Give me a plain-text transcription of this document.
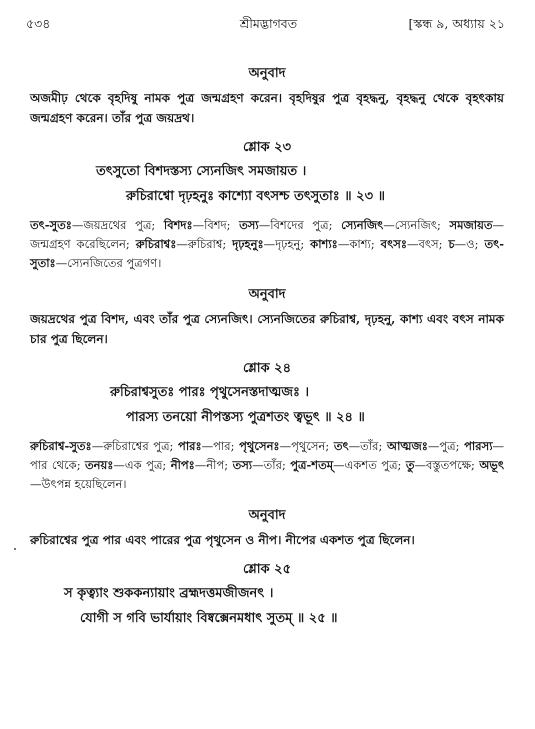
৫৩৪	শ্রীমদ্ভাগবত	[স্কন্ধ ৯, অধ্যায় ২১
অনুবাদ

অজমীঢ় থেকে বৃহদিষু নামক পুত্র জন্মগ্রহণ করেন। বৃহদিষুর পুত্র বৃহদ্ধনু, বৃহদ্ধনু থেকে বৃহৎকায় জন্মগ্রহণ করেন। তাঁর পুত্র জয়দ্রথ।

শ্লোক ২৩
তৎসুতো বিশদস্তস্য স্যেনজিৎ সমজায়ত ।
রুচিরাশ্বো দৃঢ়হনুঃ কাশ্যো বৎসশ্চ তৎসুতাঃ ॥ ২৩ ॥

তৎ-সুতঃ—জয়দ্রথের পুত্র; বিশদঃ—বিশদ; তস্য—বিশদের পুত্র; স্যেনজিৎ—স্যেনজিৎ; সমজায়ত—জন্মগ্রহণ করেছিলেন; রুচিরাশ্বঃ—রুচিরাশ্ব; দৃঢ়হনুঃ—দৃঢ়হনু; কাশ্যঃ—কাশ্য; বৎসঃ—বৎস; চ—ও; তৎ-সুতাঃ—স্যেনজিতের পুত্রগণ।

অনুবাদ

জয়দ্রথের পুত্র বিশদ, এবং তাঁর পুত্র স্যেনজিৎ। স্যেনজিতের রুচিরাশ্ব, দৃঢ়হনু, কাশ্য এবং বৎস নামক চার পুত্র ছিলেন।

শ্লোক ২৪
রুচিরাশ্বসুতঃ পারঃ পৃথুসেনস্তদাত্মজঃ ।
পারস্য তনয়ো নীপস্তস্য পুত্রশতং ত্বভূৎ ॥ ২৪ ॥

রুচিরাশ্ব-সুতঃ—রুচিরাশ্বের পুত্র; পারঃ—পার; পৃথুসেনঃ—পৃথুসেন; তৎ—তাঁর; আত্মজঃ—পুত্র; পারস্য—পার থেকে; তনয়ঃ—এক পুত্র; নীপঃ—নীপ; তস্য—তাঁর; পুত্র-শতম্—একশত পুত্র; তু—বস্তুতপক্ষে; অভূৎ—উৎপন্ন হয়েছিলেন।

অনুবাদ

রুচিরাশ্বের পুত্র পার এবং পারের পুত্র পৃথুসেন ও নীপ। নীপের একশত পুত্র ছিলেন।

শ্লোক ২৫
স কৃত্ব্যাং শুককন্যায়াং ব্রহ্মদত্তমজীজনৎ ।
যোগী স গবি ভার্যায়াং বিষ্বক্সেনমধাৎ সুতম্ ॥ ২৫ ॥
